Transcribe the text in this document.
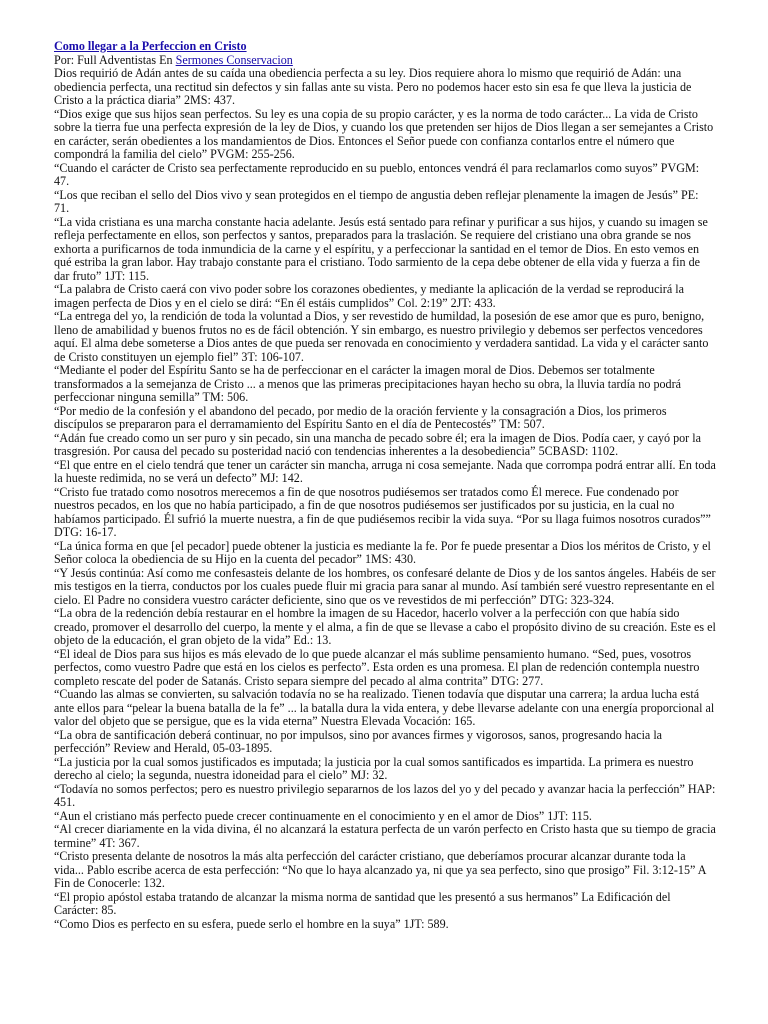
Como llegar a la Perfeccion en Cristo
Por: Full Adventistas En Sermones Conservacion

Dios requirió de Adán antes de su caída una obediencia perfecta a su ley. Dios requiere ahora lo mismo que requirió de Adán: una obediencia perfecta, una rectitud sin defectos y sin fallas ante su vista. Pero no podemos hacer esto sin esa fe que lleva la justicia de Cristo a la práctica diaria” 2MS: 437.

“Dios exige que sus hijos sean perfectos. Su ley es una copia de su propio carácter, y es la norma de todo carácter... La vida de Cristo sobre la tierra fue una perfecta expresión de la ley de Dios, y cuando los que pretenden ser hijos de Dios llegan a ser semejantes a Cristo en carácter, serán obedientes a los mandamientos de Dios. Entonces el Señor puede con confianza contarlos entre el número que compondrá la familia del cielo” PVGM: 255-256.

“Cuando el carácter de Cristo sea perfectamente reproducido en su pueblo, entonces vendrá él para reclamarlos como suyos” PVGM: 47.

“Los que reciban el sello del Dios vivo y sean protegidos en el tiempo de angustia deben reflejar plenamente la imagen de Jesús” PE: 71.

“La vida cristiana es una marcha constante hacia adelante. Jesús está sentado para refinar y purificar a sus hijos, y cuando su imagen se refleja perfectamente en ellos, son perfectos y santos, preparados para la traslación. Se requiere del cristiano una obra grande se nos exhorta a purificarnos de toda inmundicia de la carne y el espíritu, y a perfeccionar la santidad en el temor de Dios. En esto vemos en qué estriba la gran labor. Hay trabajo constante para el cristiano. Todo sarmiento de la cepa debe obtener de ella vida y fuerza a fin de dar fruto” 1JT: 115.

“La palabra de Cristo caerá con vivo poder sobre los corazones obedientes, y mediante la aplicación de la verdad se reproducirá la imagen perfecta de Dios y en el cielo se dirá: “En él estáis cumplidos” Col. 2:19” 2JT: 433.

“La entrega del yo, la rendición de toda la voluntad a Dios, y ser revestido de humildad, la posesión de ese amor que es puro, benigno, lleno de amabilidad y buenos frutos no es de fácil obtención. Y sin embargo, es nuestro privilegio y debemos ser perfectos vencedores aquí. El alma debe someterse a Dios antes de que pueda ser renovada en conocimiento y verdadera santidad. La vida y el carácter santo de Cristo constituyen un ejemplo fiel” 3T: 106-107.

“Mediante el poder del Espíritu Santo se ha de perfeccionar en el carácter la imagen moral de Dios. Debemos ser totalmente transformados a la semejanza de Cristo ... a menos que las primeras precipitaciones hayan hecho su obra, la lluvia tardía no podrá perfeccionar ninguna semilla” TM: 506.

“Por medio de la confesión y el abandono del pecado, por medio de la oración ferviente y la consagración a Dios, los primeros discípulos se prepararon para el derramamiento del Espíritu Santo en el día de Pentecostés” TM: 507.

“Adán fue creado como un ser puro y sin pecado, sin una mancha de pecado sobre él; era la imagen de Dios. Podía caer, y cayó por la trasgresión. Por causa del pecado su posteridad nació con tendencias inherentes a la desobediencia” 5CBASD: 1102.

“El que entre en el cielo tendrá que tener un carácter sin mancha, arruga ni cosa semejante. Nada que corrompa podrá entrar allí. En toda la hueste redimida, no se verá un defecto” MJ: 142.

“Cristo fue tratado como nosotros merecemos a fin de que nosotros pudiésemos ser tratados como Él merece. Fue condenado por nuestros pecados, en los que no había participado, a fin de que nosotros pudiésemos ser justificados por su justicia, en la cual no habíamos participado. Él sufrió la muerte nuestra, a fin de que pudiésemos recibir la vida suya. “Por su llaga fuimos nosotros curados”” DTG: 16-17.

“La única forma en que [el pecador] puede obtener la justicia es mediante la fe. Por fe puede presentar a Dios los méritos de Cristo, y el Señor coloca la obediencia de su Hijo en la cuenta del pecador” 1MS: 430.

“Y Jesús continúa: Así como me confesasteis delante de los hombres, os confesaré delante de Dios y de los santos ángeles. Habéis de ser mis testigos en la tierra, conductos por los cuales puede fluir mi gracia para sanar al mundo. Así también seré vuestro representante en el cielo. El Padre no considera vuestro carácter deficiente, sino que os ve revestidos de mi perfección” DTG: 323-324.

“La obra de la redención debía restaurar en el hombre la imagen de su Hacedor, hacerlo volver a la perfección con que había sido creado, promover el desarrollo del cuerpo, la mente y el alma, a fin de que se llevase a cabo el propósito divino de su creación. Este es el objeto de la educación, el gran objeto de la vida” Ed.: 13.

“El ideal de Dios para sus hijos es más elevado de lo que puede alcanzar el más sublime pensamiento humano. “Sed, pues, vosotros perfectos, como vuestro Padre que está en los cielos es perfecto”. Esta orden es una promesa. El plan de redención contempla nuestro completo rescate del poder de Satanás. Cristo separa siempre del pecado al alma contrita” DTG: 277.

“Cuando las almas se convierten, su salvación todavía no se ha realizado. Tienen todavía que disputar una carrera; la ardua lucha está ante ellos para “pelear la buena batalla de la fe” ... la batalla dura la vida entera, y debe llevarse adelante con una energía proporcional al valor del objeto que se persigue, que es la vida eterna” Nuestra Elevada Vocación: 165.

“La obra de santificación deberá continuar, no por impulsos, sino por avances firmes y vigorosos, sanos, progresando hacia la perfección” Review and Herald, 05-03-1895.

“La justicia por la cual somos justificados es imputada; la justicia por la cual somos santificados es impartida. La primera es nuestro derecho al cielo; la segunda, nuestra idoneidad para el cielo” MJ: 32.

“Todavía no somos perfectos; pero es nuestro privilegio separarnos de los lazos del yo y del pecado y avanzar hacia la perfección” HAP: 451.

“Aun el cristiano más perfecto puede crecer continuamente en el conocimiento y en el amor de Dios” 1JT: 115.

“Al crecer diariamente en la vida divina, él no alcanzará la estatura perfecta de un varón perfecto en Cristo hasta que su tiempo de gracia termine” 4T: 367.

“Cristo presenta delante de nosotros la más alta perfección del carácter cristiano, que deberíamos procurar alcanzar durante toda la vida... Pablo escribe acerca de esta perfección: “No que lo haya alcanzado ya, ni que ya sea perfecto, sino que prosigo” Fil. 3:12-15” A Fin de Conocerle: 132.

“El propio apóstol estaba tratando de alcanzar la misma norma de santidad que les presentó a sus hermanos” La Edificación del Carácter: 85.

“Como Dios es perfecto en su esfera, puede serlo el hombre en la suya” 1JT: 589.
